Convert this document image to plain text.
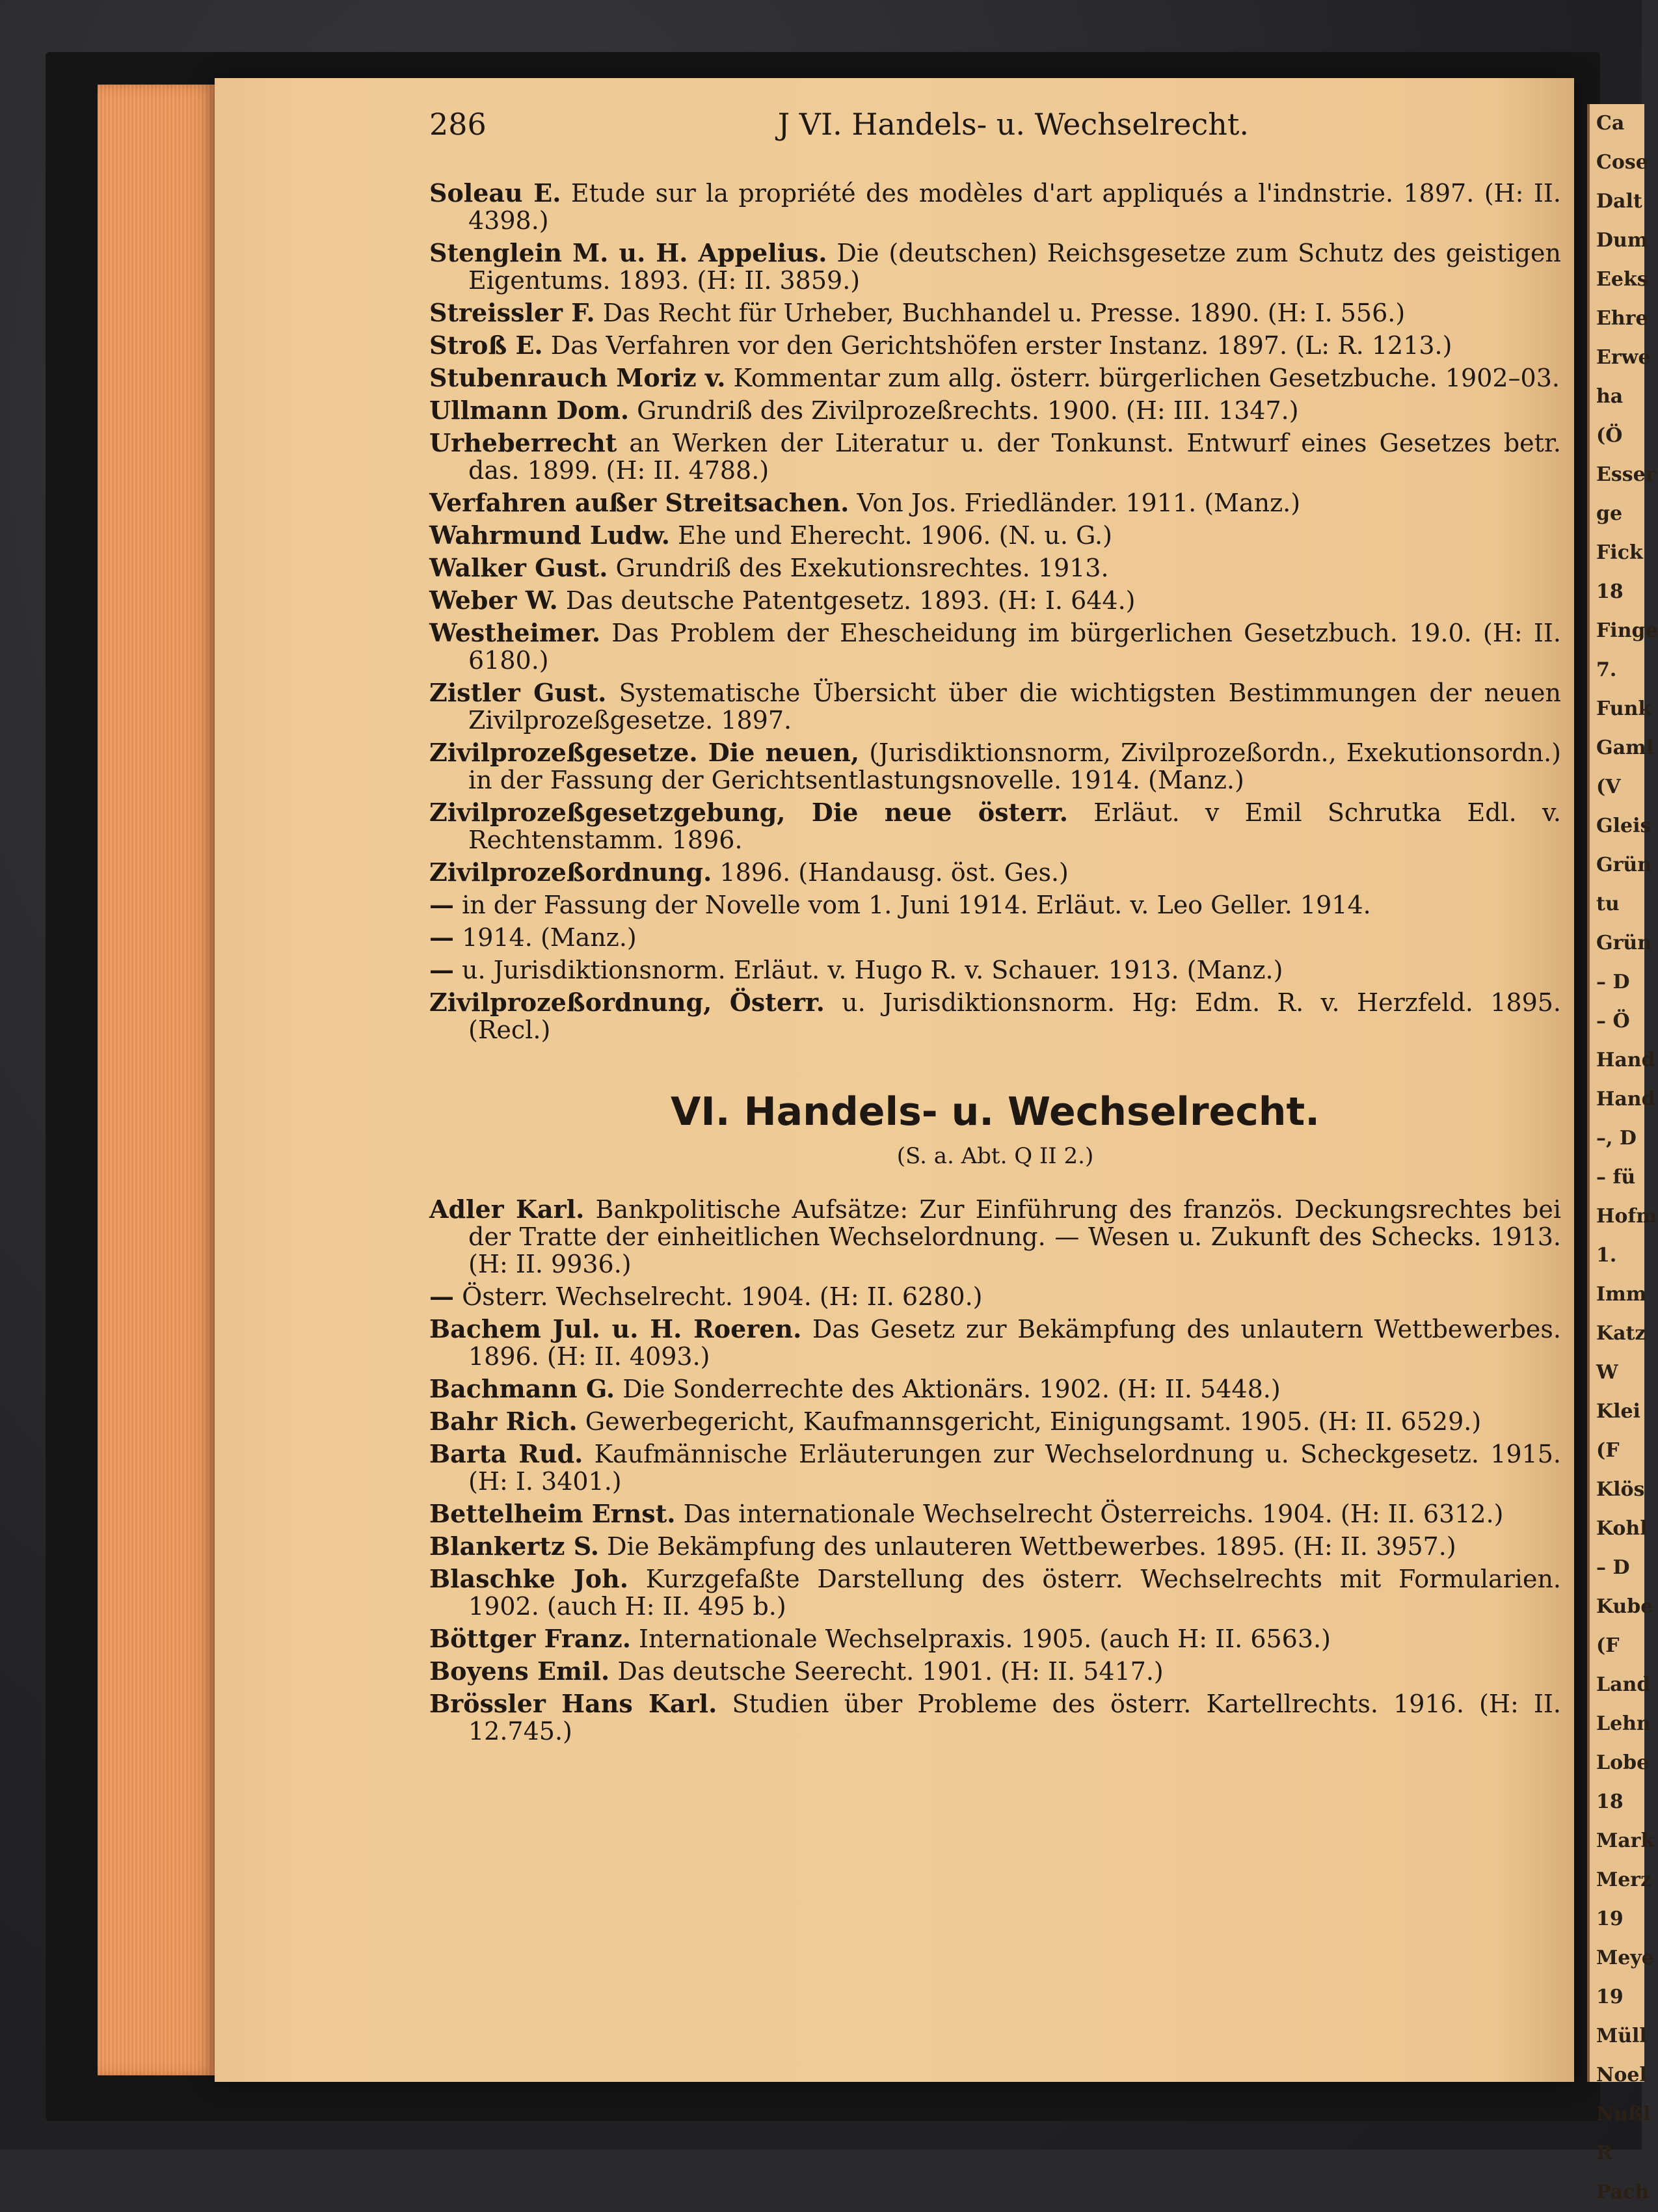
Ca
Cose
Dalt
Dum
Eeks
Ehre
Erwe
ha
(Ö
Esser
ge
Fick
18
Finge
7.
Funk
Gaml
(V
Gleis
Grün
tu
Grün
– D
– Ö
Hand
Hand
–, D
– fü
Hofm
1.
Imm
Katz
W
Klei
(F
Klös
Kohl
– D
Kube
(F
Land
Lehn
Lobe
18
Mark
Merz
19
Meye
19
Müll
Noel
Nußl
R
Pach
286	J VI. Handels- u. Wechselrecht.
Soleau E. Etude sur la propriété des modèles d'art appliqués a l'indnstrie. 1897. (H: II. 4398.)
Stenglein M. u. H. Appelius. Die (deutschen) Reichsgesetze zum Schutz des geistigen Eigentums. 1893. (H: II. 3859.)
Streissler F. Das Recht für Urheber, Buchhandel u. Presse. 1890. (H: I. 556.)
Stroß E. Das Verfahren vor den Gerichtshöfen erster Instanz. 1897. (L: R. 1213.)
Stubenrauch Moriz v. Kommentar zum allg. österr. bürgerlichen Gesetzbuche. 1902–03.
Ullmann Dom. Grundriß des Zivilprozeßrechts. 1900. (H: III. 1347.)
Urheberrecht an Werken der Literatur u. der Tonkunst. Entwurf eines Gesetzes betr. das. 1899. (H: II. 4788.)
Verfahren außer Streitsachen. Von Jos. Friedländer. 1911. (Manz.)
Wahrmund Ludw. Ehe und Eherecht. 1906. (N. u. G.)
Walker Gust. Grundriß des Exekutionsrechtes. 1913.
Weber W. Das deutsche Patentgesetz. 1893. (H: I. 644.)
Westheimer. Das Problem der Ehescheidung im bürgerlichen Gesetzbuch. 19.0. (H: II. 6180.)
Zistler Gust. Systematische Übersicht über die wichtigsten Bestimmungen der neuen Zivilprozeßgesetze. 1897.
Zivilprozeßgesetze. Die neuen, (Jurisdiktionsnorm, Zivilprozeßordn., Exekutionsordn.) in der Fassung der Gerichtsentlastungsnovelle. 1914. (Manz.)
Zivilprozeßgesetzgebung, Die neue österr. Erläut. v Emil Schrutka Edl. v. Rechtenstamm. 1896.
Zivilprozeßordnung. 1896. (Handausg. öst. Ges.)
— in der Fassung der Novelle vom 1. Juni 1914. Erläut. v. Leo Geller. 1914.
— 1914. (Manz.)
— u. Jurisdiktionsnorm. Erläut. v. Hugo R. v. Schauer. 1913. (Manz.)
Zivilprozeßordnung, Österr. u. Jurisdiktionsnorm. Hg: Edm. R. v. Herzfeld. 1895. (Recl.)
VI. Handels- u. Wechselrecht.
(S. a. Abt. Q II 2.)
Adler Karl. Bankpolitische Aufsätze: Zur Einführung des französ. Deckungsrechtes bei der Tratte der einheitlichen Wechselordnung. — Wesen u. Zukunft des Schecks. 1913. (H: II. 9936.)
— Österr. Wechselrecht. 1904. (H: II. 6280.)
Bachem Jul. u. H. Roeren. Das Gesetz zur Bekämpfung des unlautern Wettbewerbes. 1896. (H: II. 4093.)
Bachmann G. Die Sonderrechte des Aktionärs. 1902. (H: II. 5448.)
Bahr Rich. Gewerbegericht, Kaufmannsgericht, Einigungsamt. 1905. (H: II. 6529.)
Barta Rud. Kaufmännische Erläuterungen zur Wechselordnung u. Scheckgesetz. 1915. (H: I. 3401.)
Bettelheim Ernst. Das internationale Wechselrecht Österreichs. 1904. (H: II. 6312.)
Blankertz S. Die Bekämpfung des unlauteren Wettbewerbes. 1895. (H: II. 3957.)
Blaschke Joh. Kurzgefaßte Darstellung des österr. Wechselrechts mit Formularien. 1902. (auch H: II. 495 b.)
Böttger Franz. Internationale Wechselpraxis. 1905. (auch H: II. 6563.)
Boyens Emil. Das deutsche Seerecht. 1901. (H: II. 5417.)
Brössler Hans Karl. Studien über Probleme des österr. Kartellrechts. 1916. (H: II. 12.745.)
